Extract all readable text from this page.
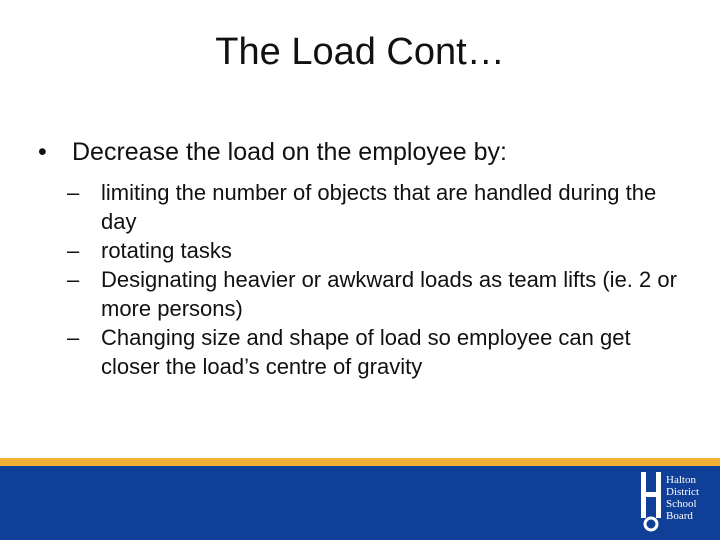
The Load Cont…
•	Decrease the load on the employee by:
– limiting the number of objects that are handled during the day
– rotating tasks
– Designating heavier or awkward loads as team lifts (ie. 2 or more persons)
– Changing size and shape of load so employee can get closer the load’s centre of gravity
Halton
District
School
Board
